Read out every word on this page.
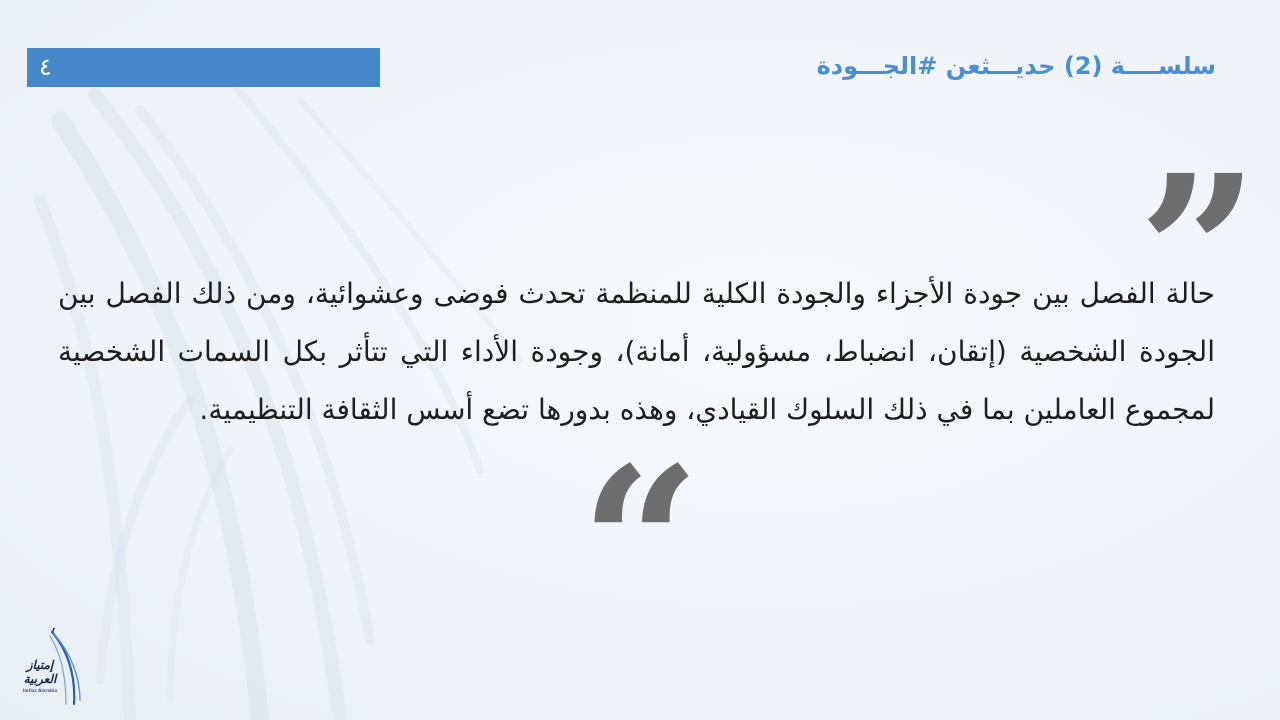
٤	سلسـ‍ـــة (2) حديـــثعن #الجـــودة
”
حالة الفصل بين جودة الأجزاء والجودة الكلية للمنظمة تحدث فوضى وعشوائية، ومن ذلك الفصل بين الجودة الشخصية (إتقان، انضباط، مسؤولية، أمانة)، وجودة الأداء التي تتأثر بكل السمات الشخصية لمجموع العاملين بما في ذلك السلوك القيادي، وهذه بدورها تضع أسس الثقافة التنظيمية.
“
إمتياز
العربية
Imtiaz Alarabia
